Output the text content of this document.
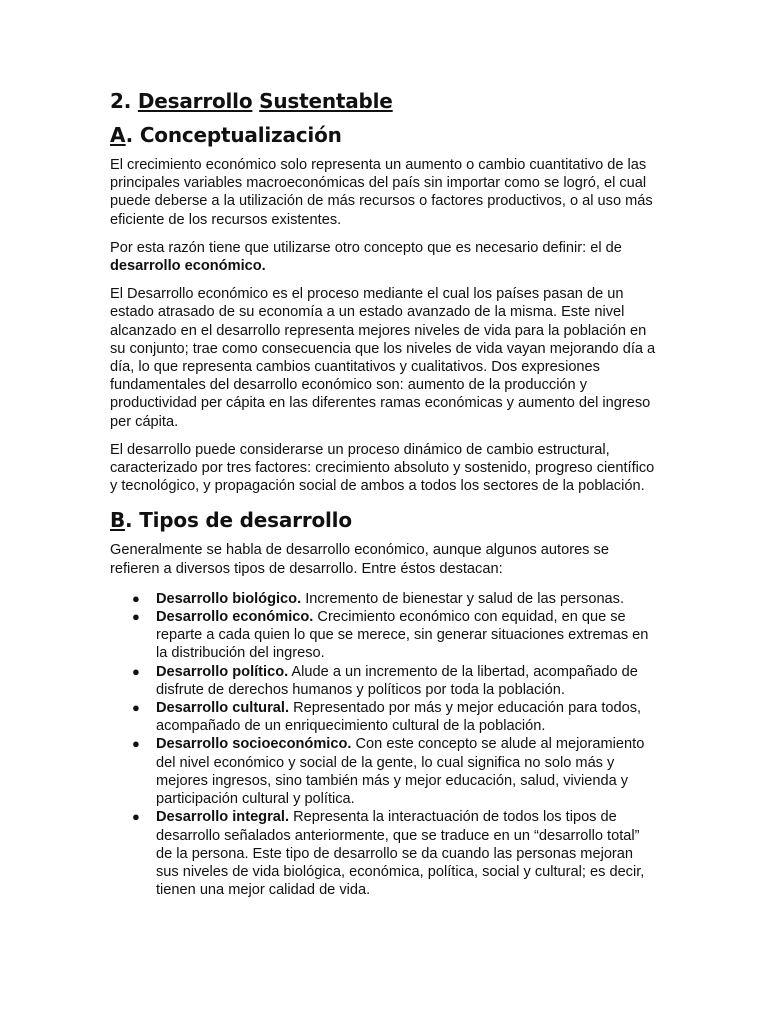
2. Desarrollo Sustentable
A. Conceptualización

El crecimiento económico solo representa un aumento o cambio cuantitativo de las principales variables macroeconómicas del país sin importar como se logró, el cual puede deberse a la utilización de más recursos o factores productivos, o al uso más eficiente de los recursos existentes.

Por esta razón tiene que utilizarse otro concepto que es necesario definir: el de desarrollo económico.

El Desarrollo económico es el proceso mediante el cual los países pasan de un estado atrasado de su economía a un estado avanzado de la misma. Este nivel alcanzado en el desarrollo representa mejores niveles de vida para la población en su conjunto; trae como consecuencia que los niveles de vida vayan mejorando día a día, lo que representa cambios cuantitativos y cualitativos. Dos expresiones fundamentales del desarrollo económico son: aumento de la producción y productividad per cápita en las diferentes ramas económicas y aumento del ingreso per cápita.

El desarrollo puede considerarse un proceso dinámico de cambio estructural, caracterizado por tres factores: crecimiento absoluto y sostenido, progreso científico y tecnológico, y propagación social de ambos a todos los sectores de la población.

B. Tipos de desarrollo

Generalmente se habla de desarrollo económico, aunque algunos autores se refieren a diversos tipos de desarrollo. Entre éstos destacan:

● Desarrollo biológico. Incremento de bienestar y salud de las personas.
● Desarrollo económico. Crecimiento económico con equidad, en que se reparte a cada quien lo que se merece, sin generar situaciones extremas en la distribución del ingreso.
● Desarrollo político. Alude a un incremento de la libertad, acompañado de disfrute de derechos humanos y políticos por toda la población.
● Desarrollo cultural. Representado por más y mejor educación para todos, acompañado de un enriquecimiento cultural de la población.
● Desarrollo socioeconómico. Con este concepto se alude al mejoramiento del nivel económico y social de la gente, lo cual significa no solo más y mejores ingresos, sino también más y mejor educación, salud, vivienda y participación cultural y política.
● Desarrollo integral. Representa la interactuación de todos los tipos de desarrollo señalados anteriormente, que se traduce en un “desarrollo total” de la persona. Este tipo de desarrollo se da cuando las personas mejoran sus niveles de vida biológica, económica, política, social y cultural; es decir, tienen una mejor calidad de vida.
